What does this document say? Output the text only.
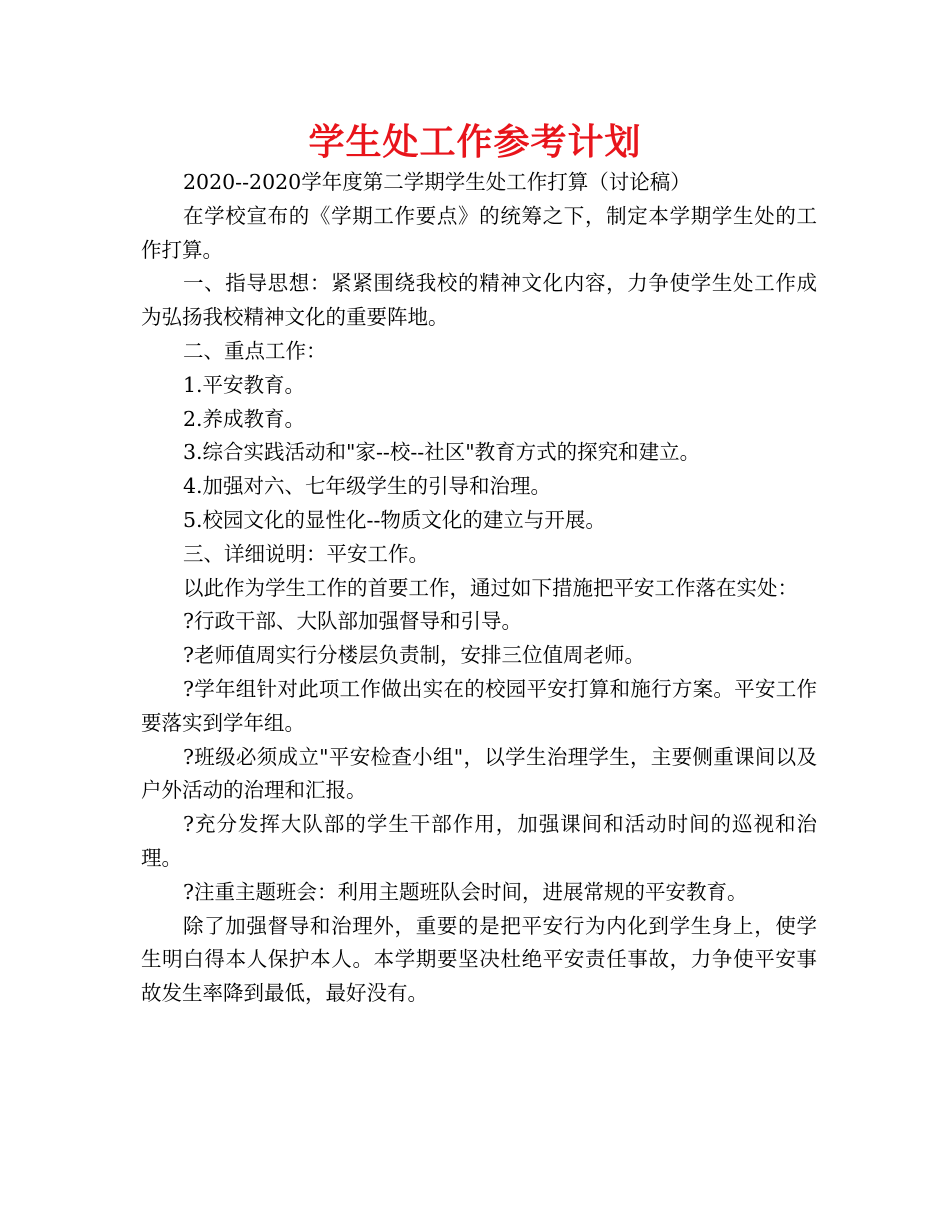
学生处工作参考计划

2020--2020学年度第二学期学生处工作打算（讨论稿）

在学校宣布的《学期工作要点》的统筹之下，制定本学期学生处的工作打算。

一、指导思想：紧紧围绕我校的精神文化内容，力争使学生处工作成为弘扬我校精神文化的重要阵地。

二、重点工作：

1.平安教育。

2.养成教育。

3.综合实践活动和"家--校--社区"教育方式的探究和建立。

4.加强对六、七年级学生的引导和治理。

5.校园文化的显性化--物质文化的建立与开展。

三、详细说明：平安工作。

以此作为学生工作的首要工作，通过如下措施把平安工作落在实处：

?行政干部、大队部加强督导和引导。

?老师值周实行分楼层负责制，安排三位值周老师。

?学年组针对此项工作做出实在的校园平安打算和施行方案。平安工作要落实到学年组。

?班级必须成立"平安检查小组"，以学生治理学生，主要侧重课间以及户外活动的治理和汇报。

?充分发挥大队部的学生干部作用，加强课间和活动时间的巡视和治理。

?注重主题班会：利用主题班队会时间，进展常规的平安教育。

除了加强督导和治理外，重要的是把平安行为内化到学生身上，使学生明白得本人保护本人。本学期要坚决杜绝平安责任事故，力争使平安事故发生率降到最低，最好没有。
